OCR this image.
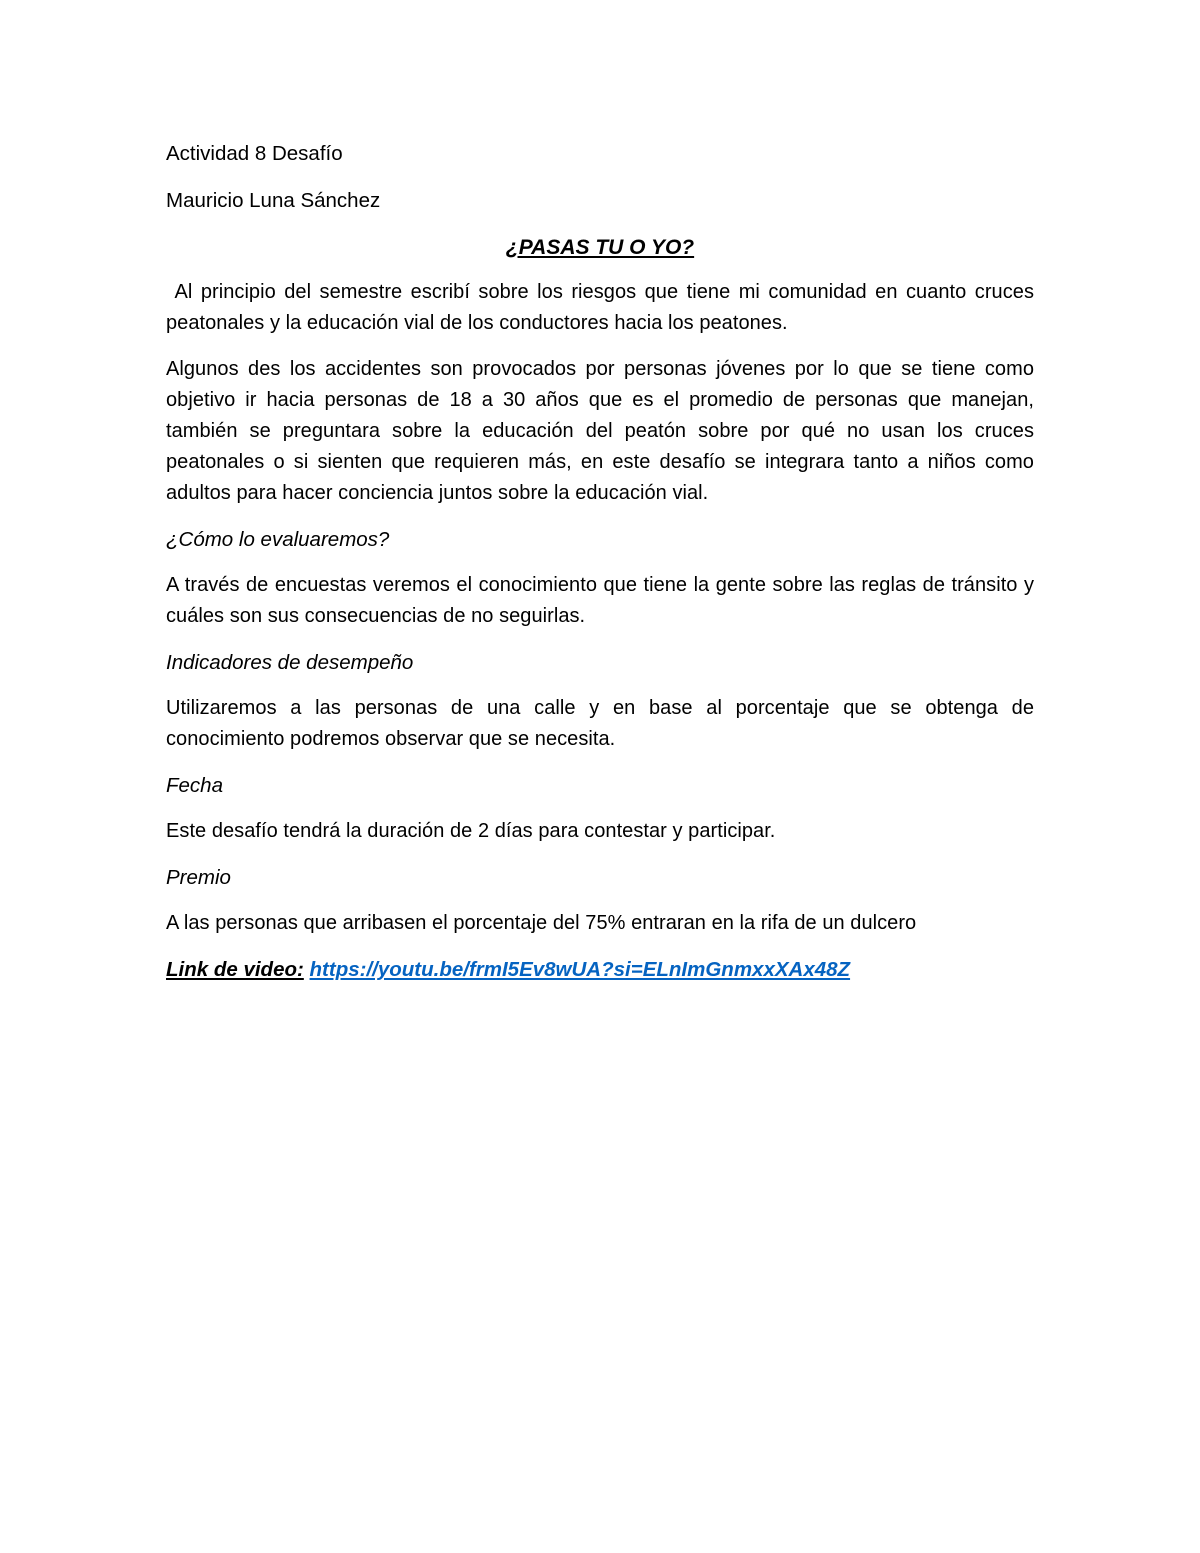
Actividad 8 Desafío

Mauricio Luna Sánchez

¿PASAS TU O YO?

Al principio del semestre escribí sobre los riesgos que tiene mi comunidad en cuanto cruces peatonales y la educación vial de los conductores hacia los peatones.

Algunos des los accidentes son provocados por personas jóvenes por lo que se tiene como objetivo ir hacia personas de 18 a 30 años que es el promedio de personas que manejan, también se preguntara sobre la educación del peatón sobre por qué no usan los cruces peatonales o si sienten que requieren más, en este desafío se integrara tanto a niños como adultos para hacer conciencia juntos sobre la educación vial.

¿Cómo lo evaluaremos?

A través de encuestas veremos el conocimiento que tiene la gente sobre las reglas de tránsito y cuáles son sus consecuencias de no seguirlas.

Indicadores de desempeño

Utilizaremos a las personas de una calle y en base al porcentaje que se obtenga de conocimiento podremos observar que se necesita.

Fecha

Este desafío tendrá la duración de 2 días para contestar y participar.

Premio

A las personas que arribasen el porcentaje del 75% entraran en la rifa de un dulcero

Link de video: https://youtu.be/frmI5Ev8wUA?si=ELnImGnmxxXAx48Z
